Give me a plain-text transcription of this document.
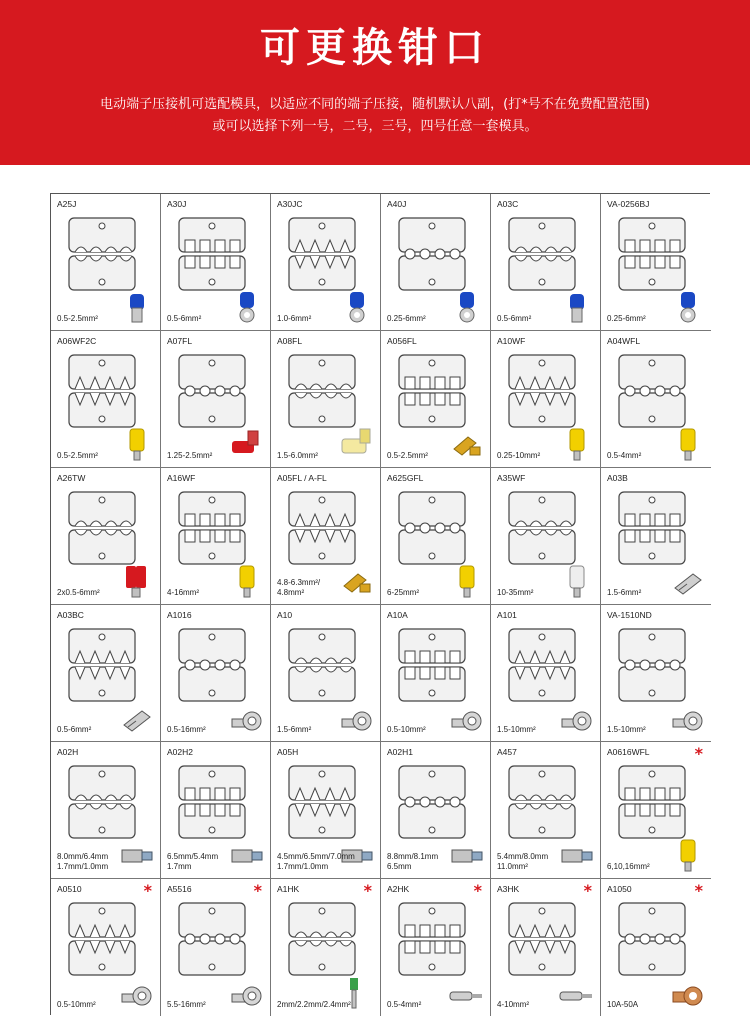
可更换钳口
电动端子压接机可选配模具，以适应不同的端子压接，随机默认八副，(打*号不在免费配置范围)
或可以选择下列一号，二号，三号，四号任意一套模具。
A25J
0.5-2.5mm²
A30J
0.5-6mm²
A30JC
1.0-6mm²
A40J
0.25-6mm²
A03C
0.5-6mm²
VA-0256BJ
0.25-6mm²
A06WF2C
0.5-2.5mm²
A07FL
1.25-2.5mm²
A08FL
1.5-6.0mm²
A056FL
0.5-2.5mm²
A10WF
0.25-10mm²
A04WFL
0.5-4mm²
A26TW
2x0.5-6mm²
A16WF
4-16mm²
A05FL / A-FL
4.8-6.3mm²/
4.8mm²
A625GFL
6-25mm²
A35WF
10-35mm²
A03B
1.5-6mm²
A03BC
0.5-6mm²
A1016
0.5-16mm²
A10
1.5-6mm²
A10A
0.5-10mm²
A101
1.5-10mm²
VA-1510ND
1.5-10mm²
A02H
8.0mm/6.4mm
1.7mm/1.0mm
A02H2
6.5mm/5.4mm
1.7mm
A05H
4.5mm/6.5mm/7.0mm
1.7mm/1.0mm
A02H1
8.8mm/8.1mm
6.5mm
A457
5.4mm/8.0mm
11.0mm²
A0616WFL	*
6,10,16mm²
A0510	*
0.5-10mm²
A5516	*
5.5-16mm²
A1HK	*
2mm/2.2mm/2.4mm²
A2HK	*
0.5-4mm²
A3HK	*
4-10mm²
A1050	*
10A-50A
